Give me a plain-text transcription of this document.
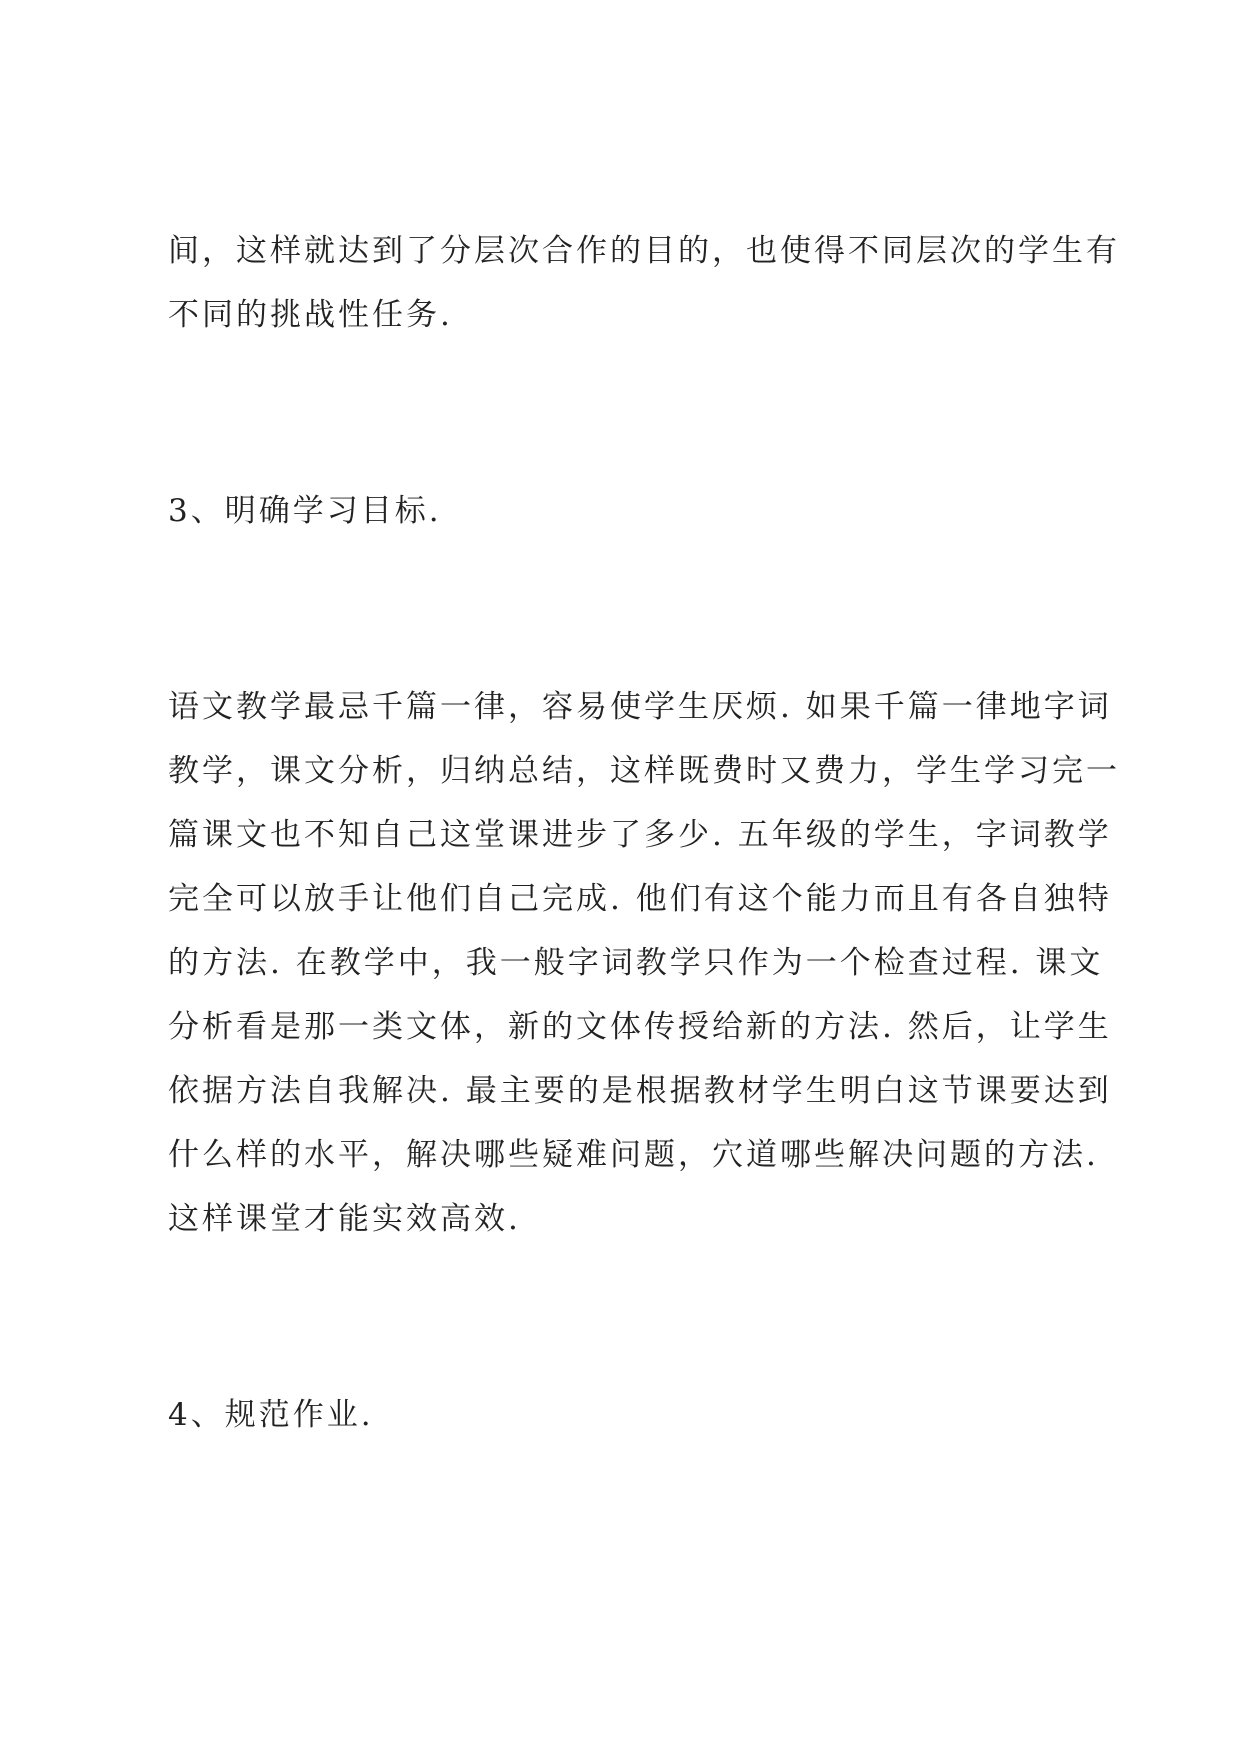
间，这样就达到了分层次合作的目的，也使得不同层次的学生有
不同的挑战性任务.
3、明确学习目标.
语文教学最忌千篇一律，容易使学生厌烦. 如果千篇一律地字词
教学，课文分析，归纳总结，这样既费时又费力，学生学习完一
篇课文也不知自己这堂课进步了多少. 五年级的学生，字词教学
完全可以放手让他们自己完成. 他们有这个能力而且有各自独特
的方法. 在教学中，我一般字词教学只作为一个检查过程. 课文
分析看是那一类文体，新的文体传授给新的方法. 然后，让学生
依据方法自我解决. 最主要的是根据教材学生明白这节课要达到
什么样的水平，解决哪些疑难问题，穴道哪些解决问题的方法.
这样课堂才能实效高效.
4、规范作业.
